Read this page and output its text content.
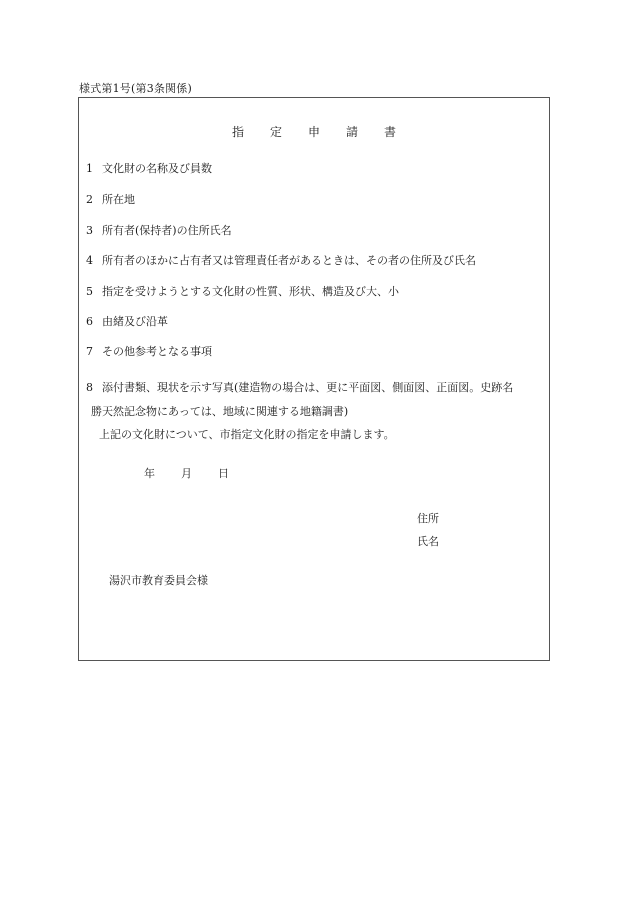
様式第1号(第3条関係)
指 定 申 請 書
1 文化財の名称及び員数
2 所在地
3 所有者(保持者)の住所氏名
4 所有者のほかに占有者又は管理責任者があるときは、その者の住所及び氏名
5 指定を受けようとする文化財の性質、形状、構造及び大、小
6 由緒及び沿革
7 その他参考となる事項
8 添付書類、現状を示す写真(建造物の場合は、更に平面図、側面図、正面図。史跡名
勝天然記念物にあっては、地域に関連する地籍調書)
上記の文化財について、市指定文化財の指定を申請します。
年 月 日
住所
氏名
湯沢市教育委員会様
